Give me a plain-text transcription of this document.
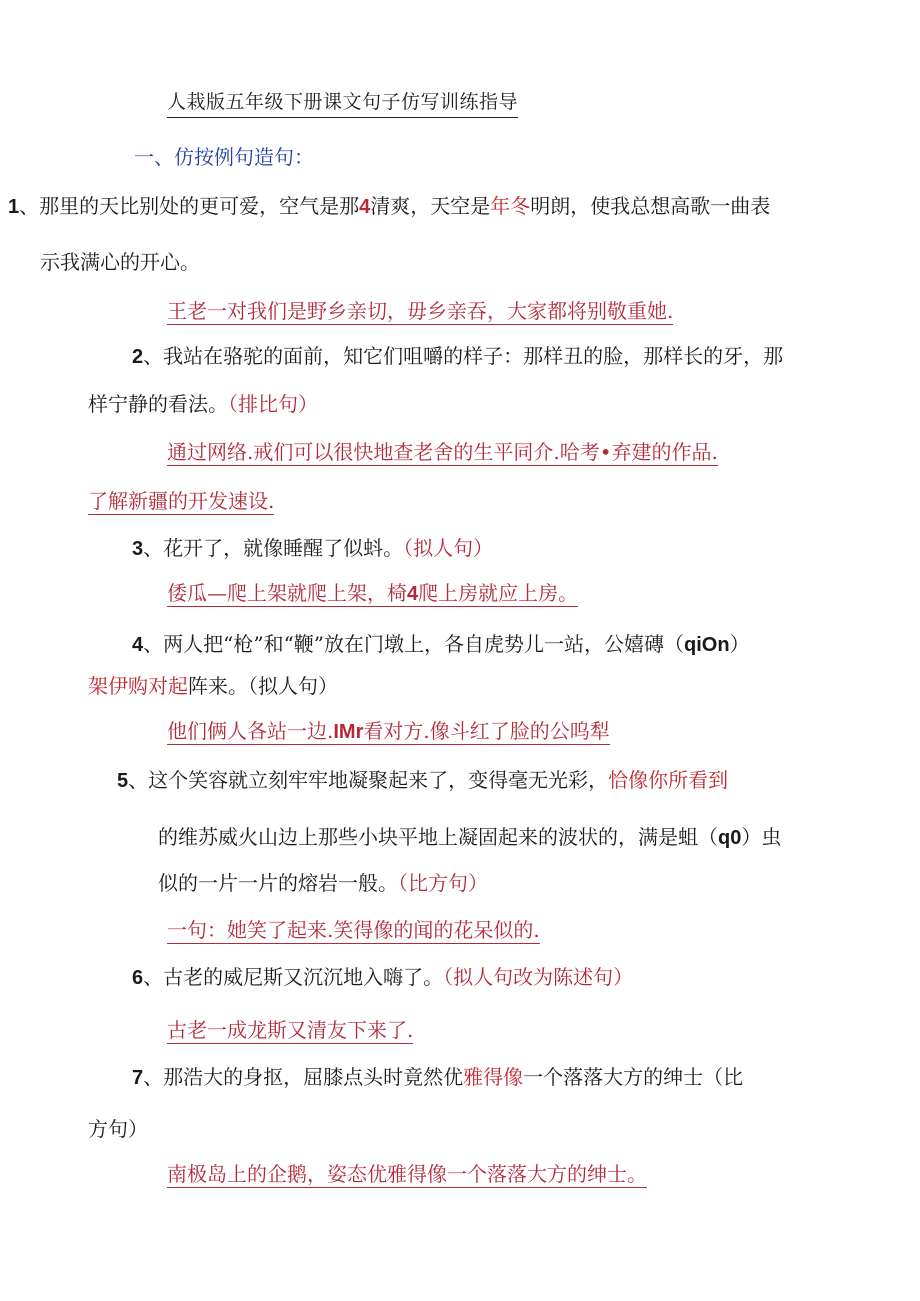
人栽版五年级下册课文句子仿写训练指导
一、仿按例句造句：
1、那里的天比别处的更可爱，空气是那4清爽，天空是年冬明朗，使我总想高歌一曲表
示我满心的开心。
王老一对我们是野乡亲切，毋乡亲吞，大家都将别敬重她.
2、我站在骆驼的面前，知它们咀嚼的样子：那样丑的脸，那样长的牙，那
样宁静的看法。（排比句）
通过网络.戒们可以很快地查老舍的生平同介.哈考•弃建的作品.
了解新疆的开发速设.
3、花开了，就像睡醒了似蚪。（拟人句）
倭瓜—爬上架就爬上架，椅4爬上房就应上房。
4、两人把“枪”和“鞭”放在门墩上，各自虎势儿一站，公嬉磚（qiOn）
架伊购对起阵来。（拟人句）
他们俩人各站一边.IMr看对方.像斗红了脸的公呜犁
5、这个笑容就立刻牢牢地凝聚起来了，变得毫无光彩，恰像你所看到
的维苏威火山边上那些小块平地上凝固起来的波状的，满是蛆（q0）虫
似的一片一片的熔岩一般。（比方句）
一句：她笑了起来.笑得像的闻的花呆似的.
6、古老的威尼斯又沉沉地入嗨了。（拟人句改为陈述句）
古老一成龙斯又清友下来了.
7、那浩大的身抠，屈膝点头时竟然优雅得像一个落落大方的绅士（比
方句）
南极岛上的企鹅，姿态优雅得像一个落落大方的绅士。
